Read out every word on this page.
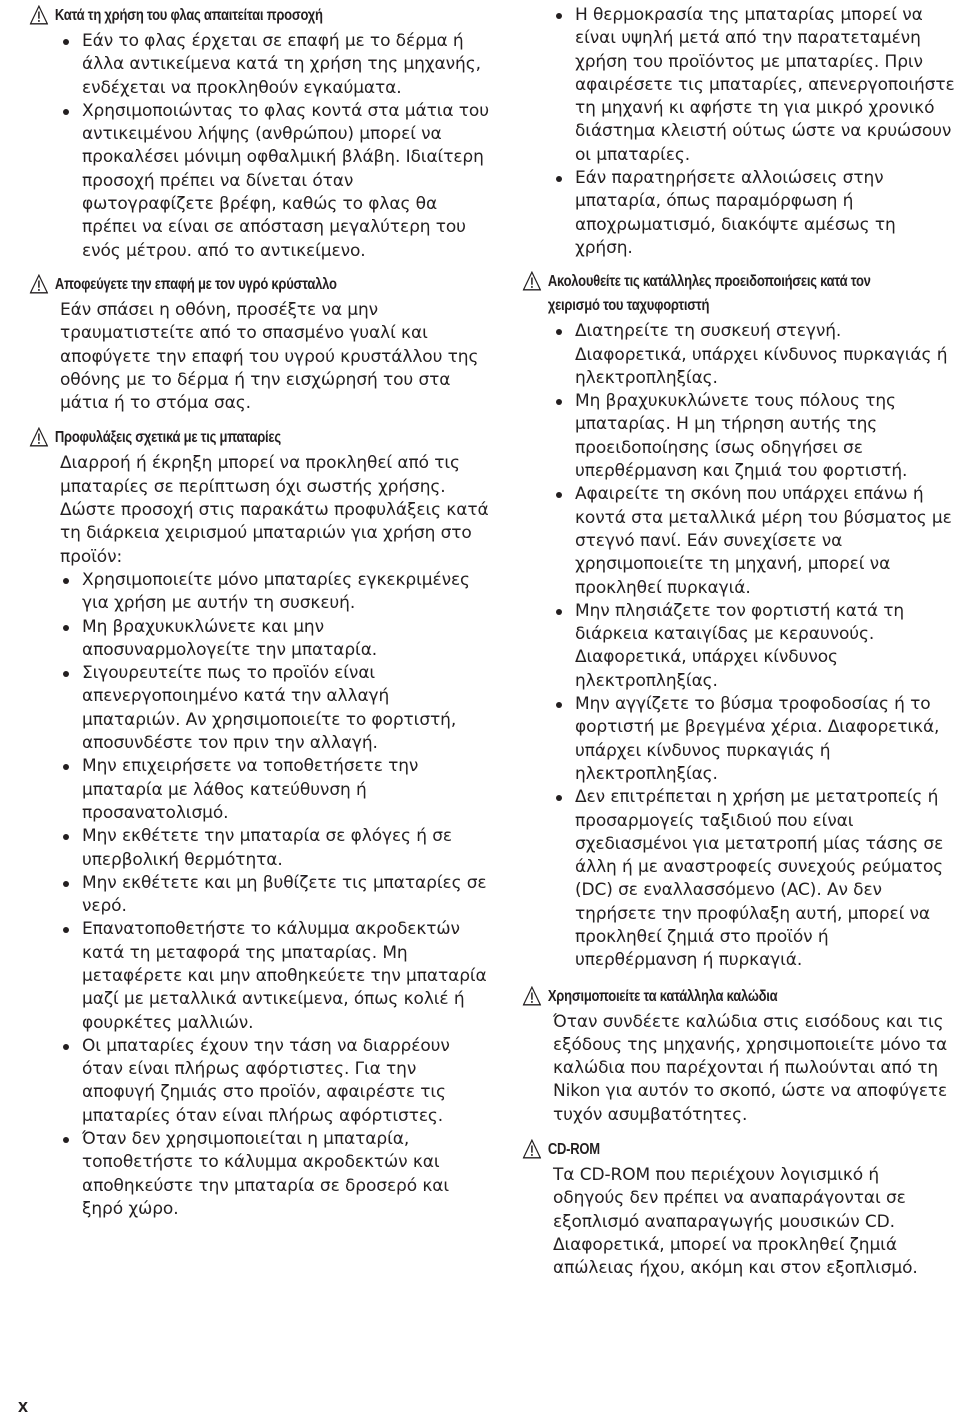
Κατά τη χρήση του φλας απαιτείται προσοχή
Εάν το φλας έρχεται σε επαφή με το δέρμα ή άλλα αντικείμενα κατά τη χρήση της μηχανής, ενδέχεται να προκληθούν εγκαύματα.
Χρησιμοποιώντας το φλας κοντά στα μάτια του αντικειμένου λήψης (ανθρώπου) μπορεί να προκαλέσει μόνιμη οφθαλμική βλάβη. Ιδιαίτερη προσοχή πρέπει να δίνεται όταν φωτογραφίζετε βρέφη, καθώς το φλας θα πρέπει να είναι σε απόσταση μεγαλύτερη του ενός μέτρου. από το αντικείμενο.
Αποφεύγετε την επαφή με τον υγρό κρύσταλλο
Εάν σπάσει η οθόνη, προσέξτε να μην τραυματιστείτε από το σπασμένο γυαλί και αποφύγετε την επαφή του υγρού κρυστάλλου της οθόνης με το δέρμα ή την εισχώρησή του στα μάτια ή το στόμα σας.
Προφυλάξεις σχετικά με τις μπαταρίες
Διαρροή ή έκρηξη μπορεί να προκληθεί από τις μπαταρίες σε περίπτωση όχι σωστής χρήσης. Δώστε προσοχή στις παρακάτω προφυλάξεις κατά τη διάρκεια χειρισμού μπαταριών για χρήση στο προϊόν:
Χρησιμοποιείτε μόνο μπαταρίες εγκεκριμένες για χρήση με αυτήν τη συσκευή.
Μη βραχυκυκλώνετε και μην αποσυναρμολογείτε την μπαταρία.
Σιγουρευτείτε πως το προϊόν είναι απενεργοποιημένο κατά την αλλαγή μπαταριών. Αν χρησιμοποιείτε το φορτιστή, αποσυνδέστε τον πριν την αλλαγή.
Μην επιχειρήσετε να τοποθετήσετε την μπαταρία με λάθος κατεύθυνση ή προσανατολισμό.
Μην εκθέτετε την μπαταρία σε φλόγες ή σε υπερβολική θερμότητα.
Μην εκθέτετε και μη βυθίζετε τις μπαταρίες σε νερό.
Επανατοποθετήστε το κάλυμμα ακροδεκτών κατά τη μεταφορά της μπαταρίας. Μη μεταφέρετε και μην αποθηκεύετε την μπαταρία μαζί με μεταλλικά αντικείμενα, όπως κολιέ ή φουρκέτες μαλλιών.
Οι μπαταρίες έχουν την τάση να διαρρέουν όταν είναι πλήρως αφόρτιστες. Για την αποφυγή ζημιάς στο προϊόν, αφαιρέστε τις μπαταρίες όταν είναι πλήρως αφόρτιστες.
Όταν δεν χρησιμοποιείται η μπαταρία, τοποθετήστε το κάλυμμα ακροδεκτών και αποθηκεύστε την μπαταρία σε δροσερό και ξηρό χώρο.
Η θερμοκρασία της μπαταρίας μπορεί να είναι υψηλή μετά από την παρατεταμένη χρήση του προϊόντος με μπαταρίες. Πριν αφαιρέσετε τις μπαταρίες, απενεργοποιήστε τη μηχανή κι αφήστε τη για μικρό χρονικό διάστημα κλειστή ούτως ώστε να κρυώσουν οι μπαταρίες.
Εάν παρατηρήσετε αλλοιώσεις στην μπαταρία, όπως παραμόρφωση ή αποχρωματισμό, διακόψτε αμέσως τη χρήση.
Ακολουθείτε τις κατάλληλες προειδοποιήσεις κατά τον
χειρισμό του ταχυφορτιστή
Διατηρείτε τη συσκευή στεγνή. Διαφορετικά, υπάρχει κίνδυνος πυρκαγιάς ή ηλεκτροπληξίας.
Μη βραχυκυκλώνετε τους πόλους της μπαταρίας. Η μη τήρηση αυτής της προειδοποίησης ίσως οδηγήσει σε υπερθέρμανση και ζημιά του φορτιστή.
Αφαιρείτε τη σκόνη που υπάρχει επάνω ή κοντά στα μεταλλικά μέρη του βύσματος με στεγνό πανί. Εάν συνεχίσετε να χρησιμοποιείτε τη μηχανή, μπορεί να προκληθεί πυρκαγιά.
Μην πλησιάζετε τον φορτιστή κατά τη διάρκεια καταιγίδας με κεραυνούς. Διαφορετικά, υπάρχει κίνδυνος ηλεκτροπληξίας.
Μην αγγίζετε το βύσμα τροφοδοσίας ή το φορτιστή με βρεγμένα χέρια. Διαφορετικά, υπάρχει κίνδυνος πυρκαγιάς ή ηλεκτροπληξίας.
Δεν επιτρέπεται η χρήση με μετατροπείς ή προσαρμογείς ταξιδιού που είναι σχεδιασμένοι για μετατροπή μίας τάσης σε άλλη ή με αναστροφείς συνεχούς ρεύματος (DC) σε εναλλασσόμενο (AC). Αν δεν τηρήσετε την προφύλαξη αυτή, μπορεί να προκληθεί ζημιά στο προϊόν ή υπερθέρμανση ή πυρκαγιά.
Χρησιμοποιείτε τα κατάλληλα καλώδια
Όταν συνδέετε καλώδια στις εισόδους και τις εξόδους της μηχανής, χρησιμοποιείτε μόνο τα καλώδια που παρέχονται ή πωλούνται από τη Nikon για αυτόν το σκοπό, ώστε να αποφύγετε τυχόν ασυμβατότητες.
CD-ROM
Τα CD-ROM που περιέχουν λογισμικό ή οδηγούς δεν πρέπει να αναπαράγονται σε εξοπλισμό αναπαραγωγής μουσικών CD. Διαφορετικά, μπορεί να προκληθεί ζημιά απώλειας ήχου, ακόμη και στον εξοπλισμό.
x
